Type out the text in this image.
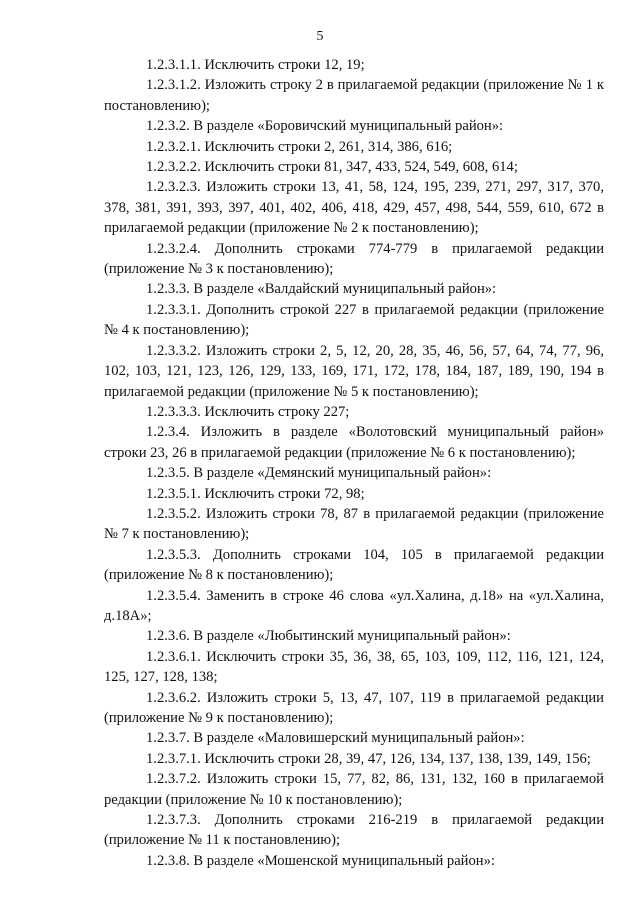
5

1.2.3.1.1. Исключить строки 12, 19;

1.2.3.1.2. Изложить строку 2 в прилагаемой редакции (приложение № 1 к постановлению);

1.2.3.2. В разделе «Боровичский муниципальный район»:

1.2.3.2.1. Исключить строки 2, 261, 314, 386, 616;

1.2.3.2.2. Исключить строки 81, 347, 433, 524, 549, 608, 614;

1.2.3.2.3. Изложить строки 13, 41, 58, 124, 195, 239, 271, 297, 317, 370, 378, 381, 391, 393, 397, 401, 402, 406, 418, 429, 457, 498, 544, 559, 610, 672 в прилагаемой редакции (приложение № 2 к постановлению);

1.2.3.2.4. Дополнить строками 774-779 в прилагаемой редакции (приложение № 3 к постановлению);

1.2.3.3. В разделе «Валдайский муниципальный район»:

1.2.3.3.1. Дополнить строкой 227 в прилагаемой редакции (приложение № 4 к постановлению);

1.2.3.3.2. Изложить строки 2, 5, 12, 20, 28, 35, 46, 56, 57, 64, 74, 77, 96, 102, 103, 121, 123, 126, 129, 133, 169, 171, 172, 178, 184, 187, 189, 190, 194 в прилагаемой редакции (приложение № 5 к постановлению);

1.2.3.3.3. Исключить строку 227;

1.2.3.4. Изложить в разделе «Волотовский муниципальный район» строки 23, 26 в прилагаемой редакции (приложение № 6 к постановлению);

1.2.3.5. В разделе «Демянский муниципальный район»:

1.2.3.5.1. Исключить строки 72, 98;

1.2.3.5.2. Изложить строки 78, 87 в прилагаемой редакции (приложение № 7 к постановлению);

1.2.3.5.3. Дополнить строками 104, 105 в прилагаемой редакции (приложение № 8 к постановлению);

1.2.3.5.4. Заменить в строке 46 слова «ул.Халина, д.18» на «ул.Халина, д.18А»;

1.2.3.6. В разделе «Любытинский муниципальный район»:

1.2.3.6.1. Исключить строки 35, 36, 38, 65, 103, 109, 112, 116, 121, 124, 125, 127, 128, 138;

1.2.3.6.2. Изложить строки 5, 13, 47, 107, 119 в прилагаемой редакции (приложение № 9 к постановлению);

1.2.3.7. В разделе «Маловишерский муниципальный район»:

1.2.3.7.1. Исключить строки 28, 39, 47, 126, 134, 137, 138, 139, 149, 156;

1.2.3.7.2. Изложить строки 15, 77, 82, 86, 131, 132, 160 в прилагаемой редакции (приложение № 10 к постановлению);

1.2.3.7.3. Дополнить строками 216-219 в прилагаемой редакции (приложение № 11 к постановлению);

1.2.3.8. В разделе «Мошенской муниципальный район»:
